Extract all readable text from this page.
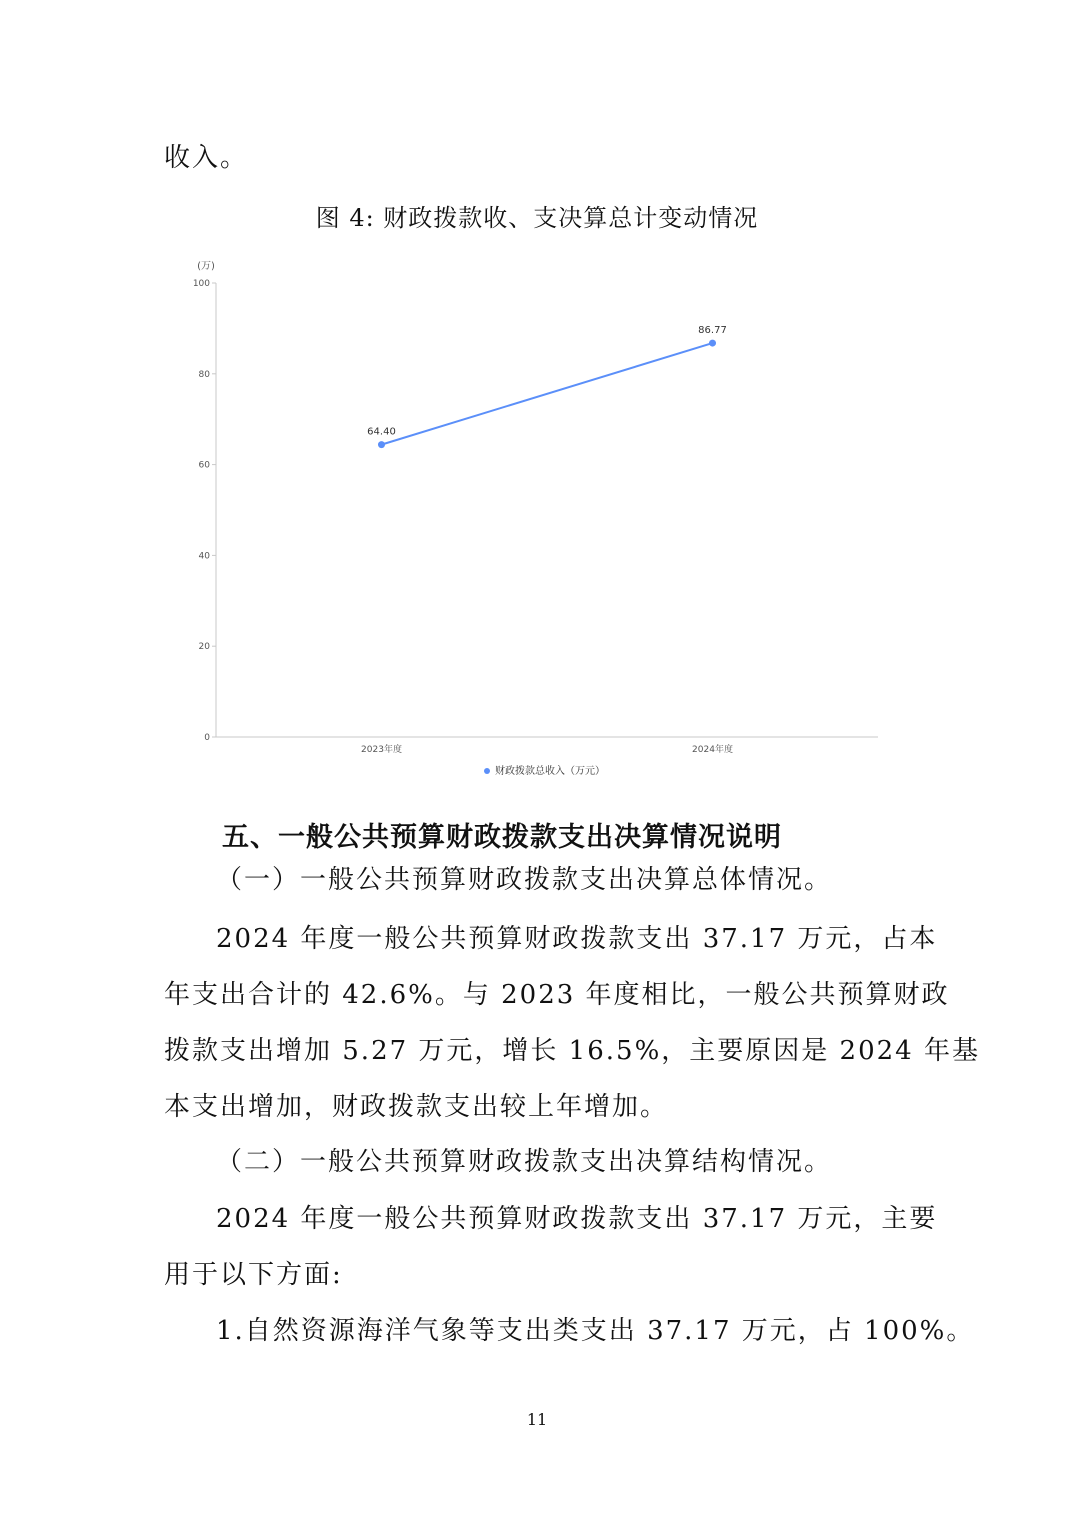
收入。
图 4: 财政拨款收、支决算总计变动情况
(万)
0
20
40
60
80
100
2023年度	2024年度
64.40
86.77
财政拨款总收入（万元）
五、一般公共预算财政拨款支出决算情况说明
（一）一般公共预算财政拨款支出决算总体情况。
2024 年度一般公共预算财政拨款支出 37.17 万元，占本
年支出合计的 42.6%。与 2023 年度相比，一般公共预算财政
拨款支出增加 5.27 万元，增长 16.5%，主要原因是 2024 年基
本支出增加，财政拨款支出较上年增加。
（二）一般公共预算财政拨款支出决算结构情况。
2024 年度一般公共预算财政拨款支出 37.17 万元，主要
用于以下方面:
1.自然资源海洋气象等支出类支出 37.17 万元，占 100%。
11
